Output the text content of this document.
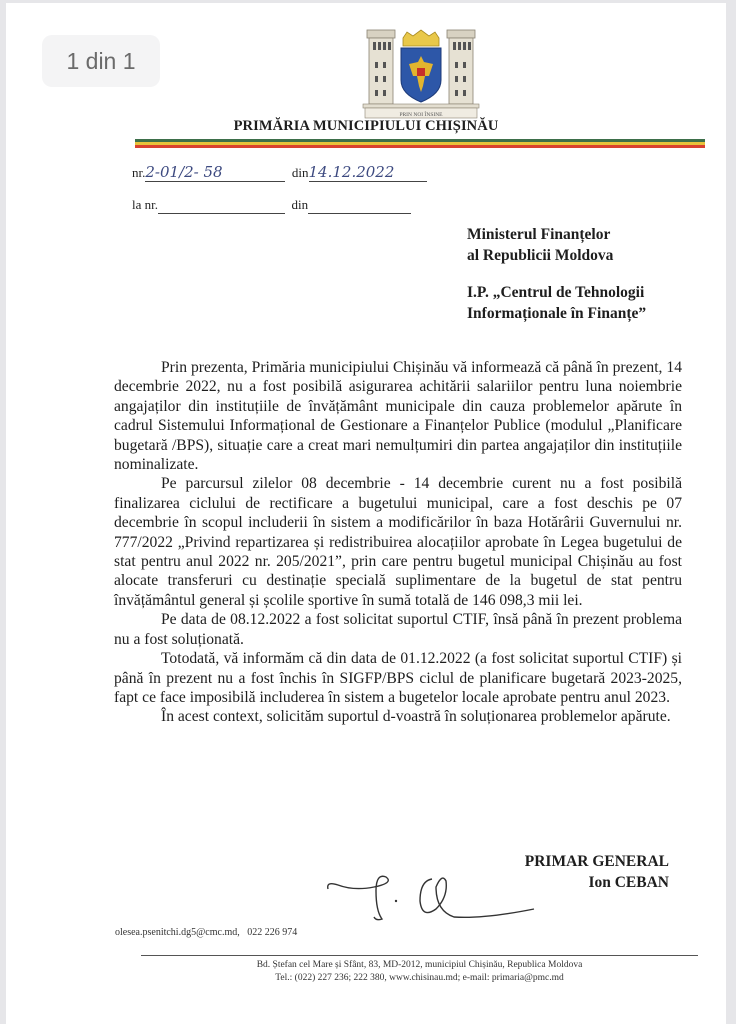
1 din 1
PRIN NOI ÎNSINE
PRIMĂRIA MUNICIPIULUI CHIȘINĂU
nr.2-01/2- 58	din14.12.2022
la nr.	din
Ministerul Finanțelor
al Republicii Moldova
I.P. „Centrul de Tehnologii
Informaționale în Finanțe”

Prin prezenta, Primăria municipiului Chișinău vă informează că până în prezent, 14 decembrie 2022, nu a fost posibilă asigurarea achitării salariilor pentru luna noiembrie angajaților din instituțiile de învățământ municipale din cauza problemelor apărute în cadrul Sistemului Informațional de Gestionare a Finanțelor Publice (modulul „Planificare bugetară /BPS), situație care a creat mari nemulțumiri din partea angajaților din instituțiile nominalizate.

Pe parcursul zilelor 08 decembrie - 14 decembrie curent nu a fost posibilă finalizarea ciclului de rectificare a bugetului municipal, care a fost deschis pe 07 decembrie în scopul includerii în sistem a modificărilor în baza Hotărârii Guvernului nr. 777/2022 „Privind repartizarea și redistribuirea alocațiilor aprobate în Legea bugetului de stat pentru anul 2022 nr. 205/2021”, prin care pentru bugetul municipal Chișinău au fost alocate transferuri cu destinație specială suplimentare de la bugetul de stat pentru învățământul general și școlile sportive în sumă totală de 146 098,3 mii lei.

Pe data de 08.12.2022 a fost solicitat suportul CTIF, însă până în prezent problema nu a fost soluționată.

Totodată, vă informăm că din data de 01.12.2022 (a fost solicitat suportul CTIF) și până în prezent nu a fost închis în SIGFP/BPS ciclul de planificare bugetară 2023-2025, fapt ce face imposibilă includerea în sistem a bugetelor locale aprobate pentru anul 2023.

În acest context, solicităm suportul d-voastră în soluționarea problemelor apărute.

PRIMAR GENERAL
Ion CEBAN
olesea.psenitchi.dg5@cmc.md, 022 226 974
Bd. Ștefan cel Mare și Sfânt, 83, MD-2012, municipiul Chișinău, Republica Moldova
Tel.: (022) 227 236; 222 380, www.chisinau.md; e-mail: primaria@pmc.md
